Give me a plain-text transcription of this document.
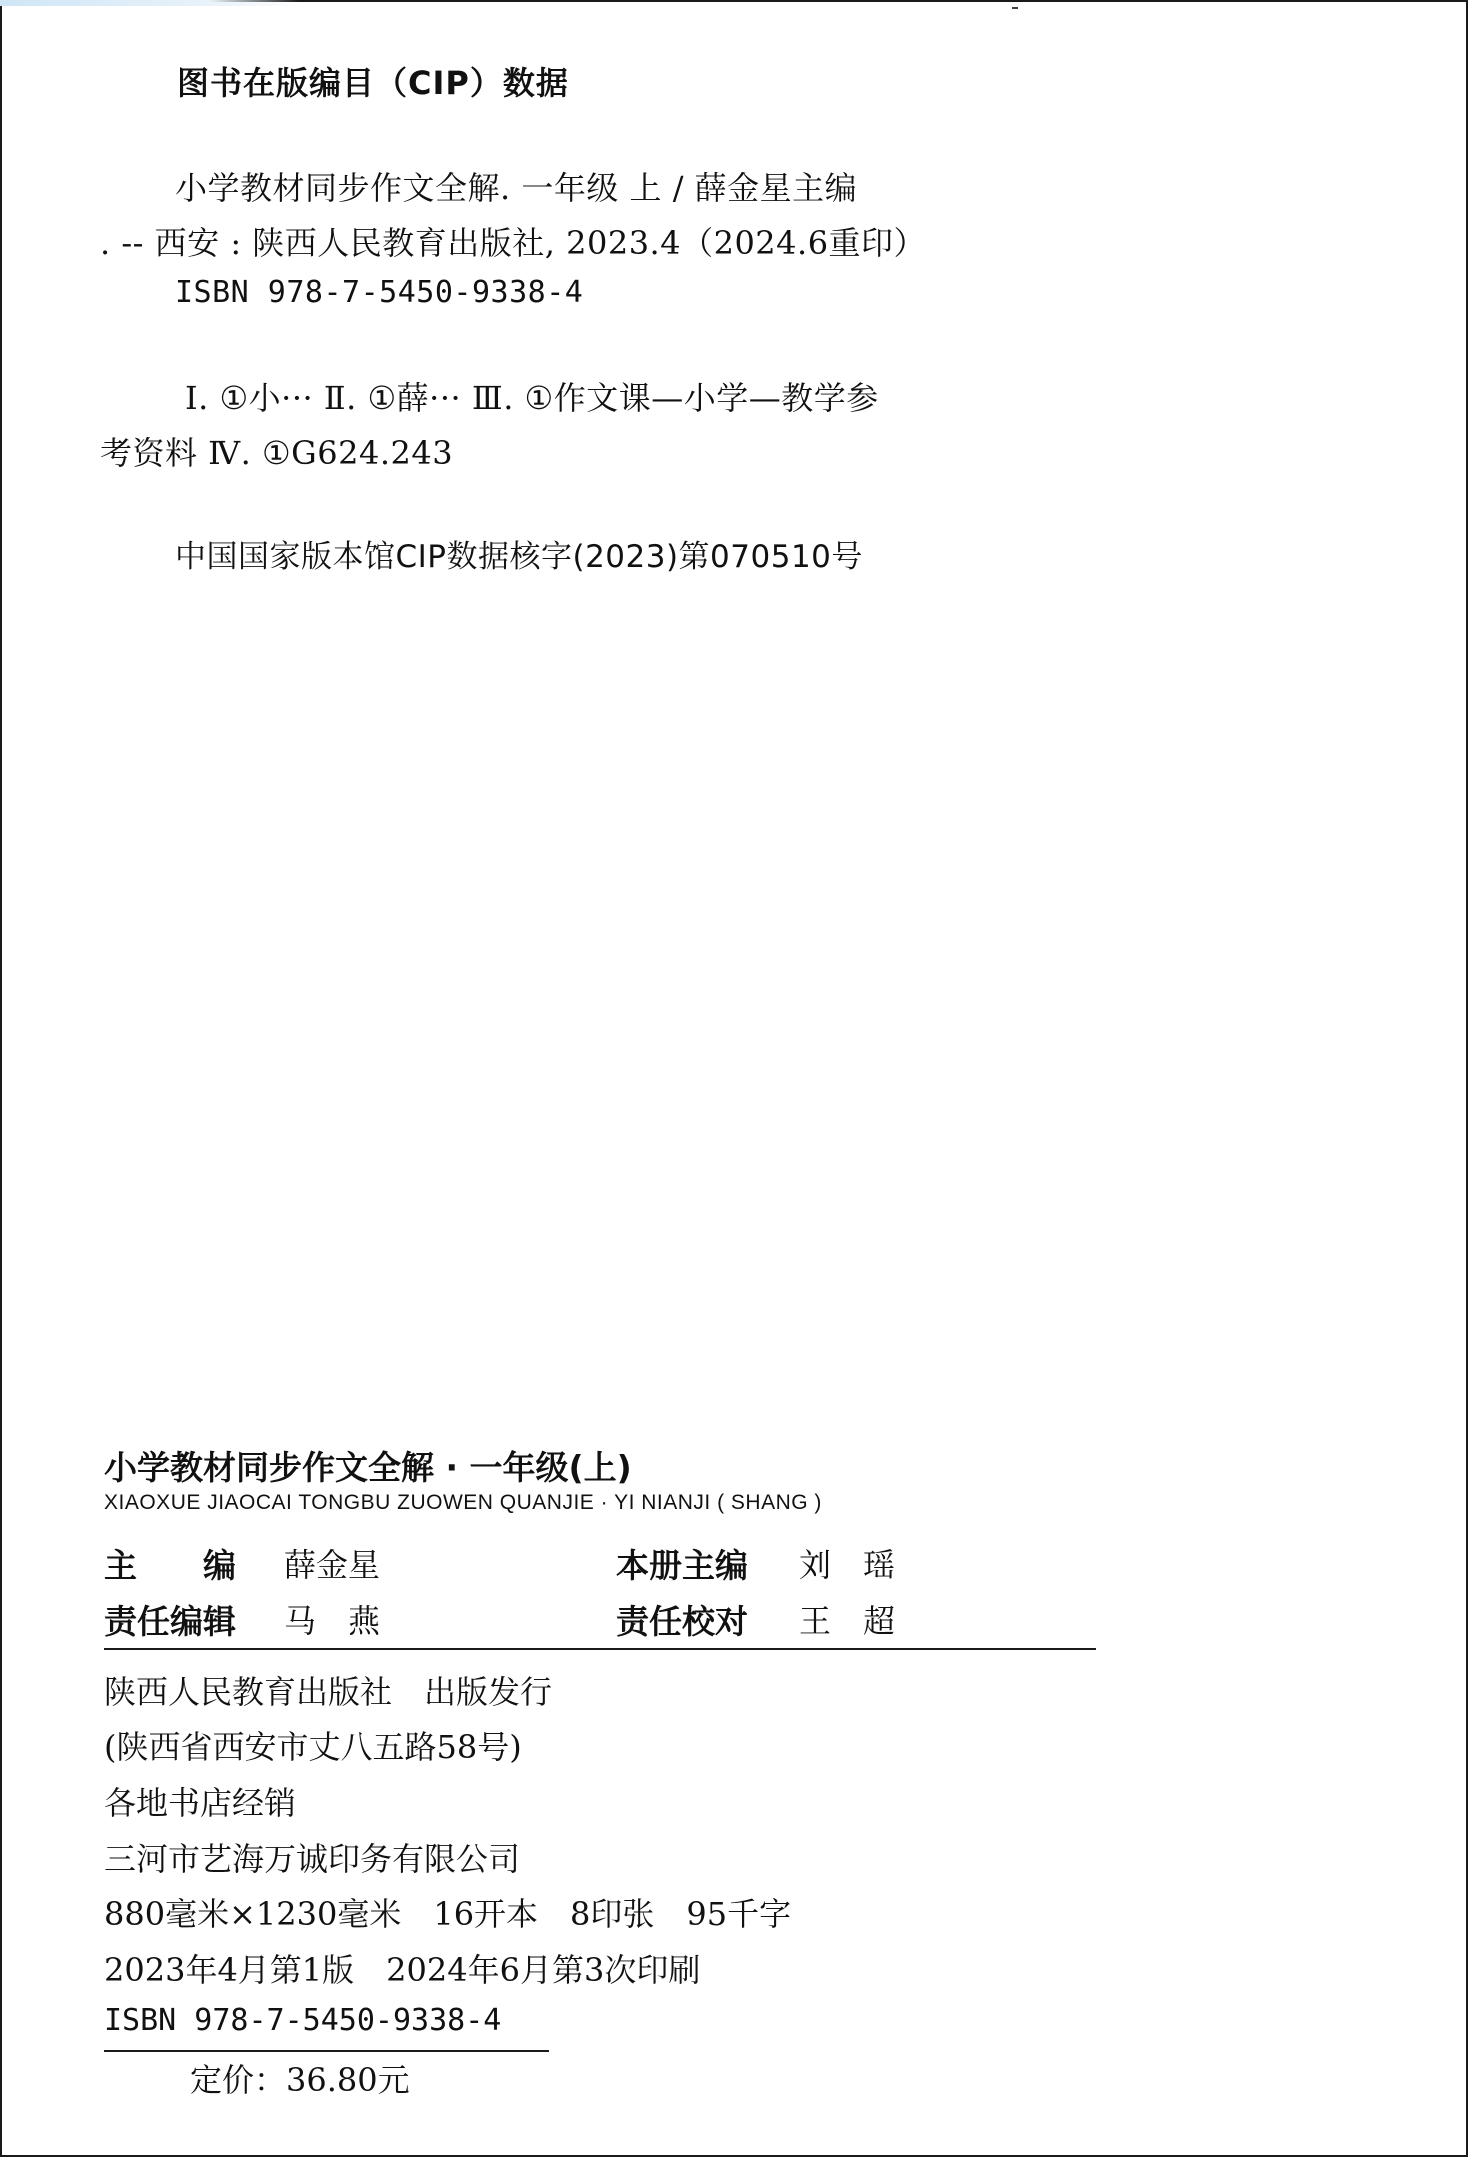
图书在版编目（CIP）数据
小学教材同步作文全解. 一年级 上 / 薛金星主编
. -- 西安 : 陕西人民教育出版社, 2023.4（2024.6重印）
ISBN 978-7-5450-9338-4
Ⅰ. ①小··· Ⅱ. ①薛··· Ⅲ. ①作文课—小学—教学参
考资料 Ⅳ. ①G624.243
中国国家版本馆CIP数据核字(2023)第070510号
小学教材同步作文全解 · 一年级(上)
XIAOXUE JIAOCAI TONGBU ZUOWEN QUANJIE · YI NIANJI ( SHANG )
主　　编 薛金星	本册主编 刘　瑶
责任编辑 马　燕	责任校对 王　超
陕西人民教育出版社　出版发行
(陕西省西安市丈八五路58号)
各地书店经销
三河市艺海万诚印务有限公司
880毫米×1230毫米　16开本　8印张　95千字
2023年4月第1版　2024年6月第3次印刷
ISBN 978-7-5450-9338-4
定价：36.80元
